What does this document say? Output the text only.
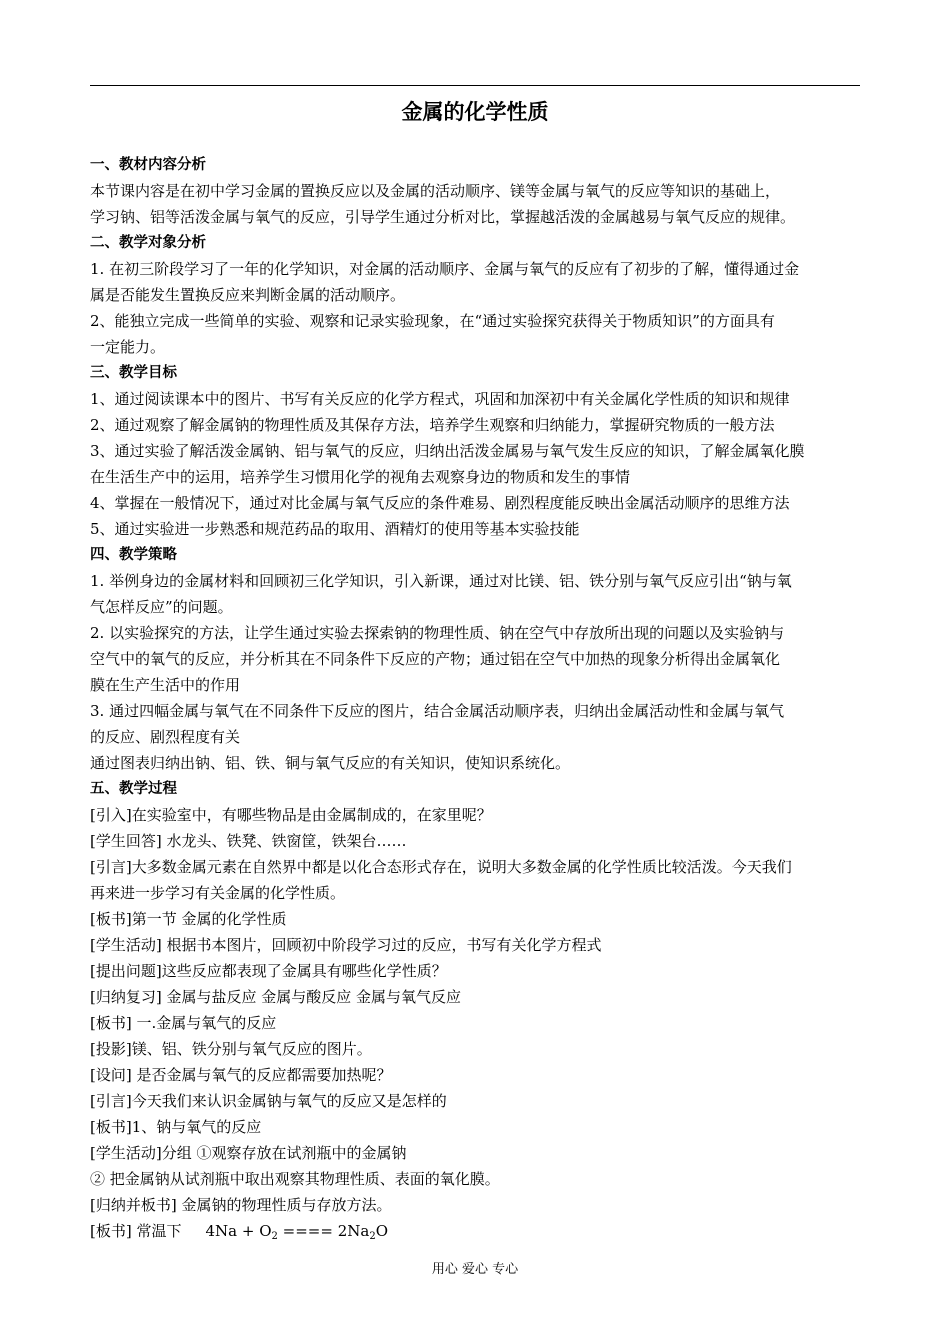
金属的化学性质
一、教材内容分析
本节课内容是在初中学习金属的置换反应以及金属的活动顺序、镁等金属与氧气的反应等知识的基础上，
学习钠、铝等活泼金属与氧气的反应，引导学生通过分析对比，掌握越活泼的金属越易与氧气反应的规律。
二、教学对象分析
1. 在初三阶段学习了一年的化学知识，对金属的活动顺序、金属与氧气的反应有了初步的了解，懂得通过金
属是否能发生置换反应来判断金属的活动顺序。
2、能独立完成一些简单的实验、观察和记录实验现象，在“通过实验探究获得关于物质知识”的方面具有
一定能力。
三、教学目标
1、通过阅读课本中的图片、书写有关反应的化学方程式，巩固和加深初中有关金属化学性质的知识和规律
2、通过观察了解金属钠的物理性质及其保存方法，培养学生观察和归纳能力，掌握研究物质的一般方法
3、通过实验了解活泼金属钠、铝与氧气的反应，归纳出活泼金属易与氧气发生反应的知识，了解金属氧化膜
在生活生产中的运用，培养学生习惯用化学的视角去观察身边的物质和发生的事情
4、掌握在一般情况下，通过对比金属与氧气反应的条件难易、剧烈程度能反映出金属活动顺序的思维方法
5、通过实验进一步熟悉和规范药品的取用、酒精灯的使用等基本实验技能
四、教学策略
1. 举例身边的金属材料和回顾初三化学知识，引入新课，通过对比镁、铝、铁分别与氧气反应引出“钠与氧
气怎样反应”的问题。
2. 以实验探究的方法，让学生通过实验去探索钠的物理性质、钠在空气中存放所出现的问题以及实验钠与
空气中的氧气的反应，并分析其在不同条件下反应的产物；通过铝在空气中加热的现象分析得出金属氧化
膜在生产生活中的作用
3. 通过四幅金属与氧气在不同条件下反应的图片，结合金属活动顺序表，归纳出金属活动性和金属与氧气
的反应、剧烈程度有关
通过图表归纳出钠、铝、铁、铜与氧气反应的有关知识，使知识系统化。
五、教学过程
[引入]在实验室中，有哪些物品是由金属制成的，在家里呢？
[学生回答] 水龙头、铁凳、铁窗筐，铁架台……
[引言]大多数金属元素在自然界中都是以化合态形式存在，说明大多数金属的化学性质比较活泼。今天我们
再来进一步学习有关金属的化学性质。
[板书]第一节 金属的化学性质
[学生活动] 根据书本图片，回顾初中阶段学习过的反应，书写有关化学方程式
[提出问题]这些反应都表现了金属具有哪些化学性质？
[归纳复习] 金属与盐反应 金属与酸反应 金属与氧气反应
[板书] 一.金属与氧气的反应
[投影]镁、铝、铁分别与氧气反应的图片。
[设问] 是否金属与氧气的反应都需要加热呢？
[引言]今天我们来认识金属钠与氧气的反应又是怎样的
[板书]1、钠与氧气的反应
[学生活动]分组 ①观察存放在试剂瓶中的金属钠
② 把金属钠从试剂瓶中取出观察其物理性质、表面的氧化膜。
[归纳并板书] 金属钠的物理性质与存放方法。
[板书] 常温下 $4Na + O_2$ ==== $2Na_2O$
用心 爱心 专心
